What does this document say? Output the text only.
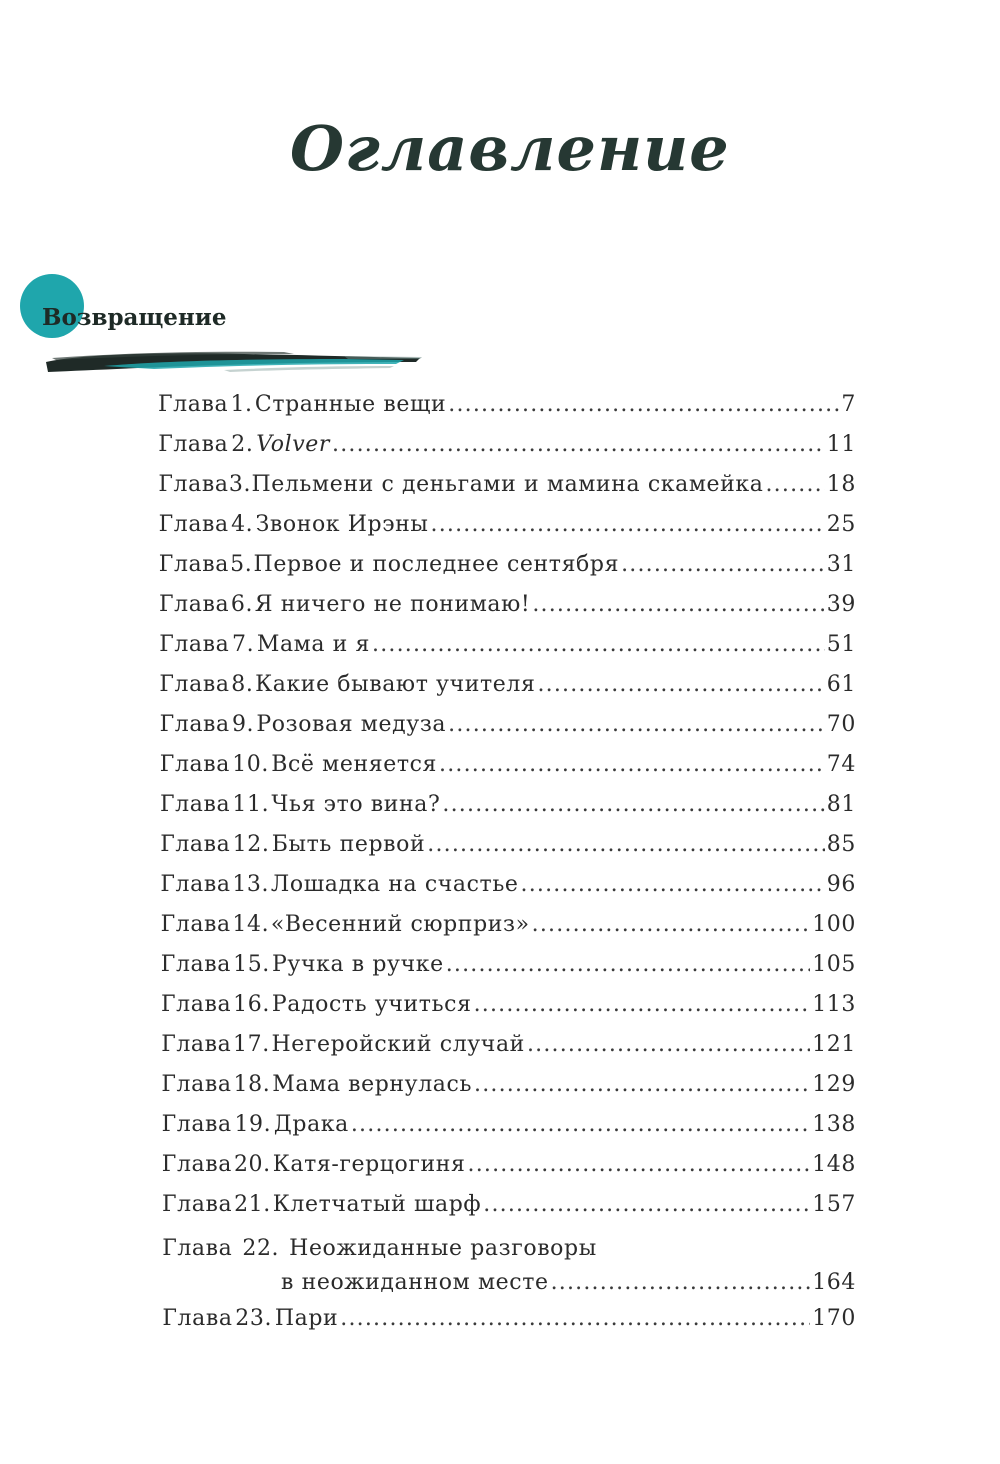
Оглавление
Возвращение
Глава 1. Странные вещи .....	7
Глава 2. Volver .....	11
Глава 3. Пельмени с деньгами и мамина скамейка .....	18
Глава 4. Звонок Ирэны .....	25
Глава 5. Первое и последнее сентября .....	31
Глава 6. Я ничего не понимаю! .....	39
Глава 7. Мама и я .....	51
Глава 8. Какие бывают учителя .....	61
Глава 9. Розовая медуза .....	70
Глава 10. Всё меняется .....	74
Глава 11. Чья это вина? .....	81
Глава 12. Быть первой .....	85
Глава 13. Лошадка на счастье .....	96
Глава 14. «Весенний сюрприз» .....	100
Глава 15. Ручка в ручке .....	105
Глава 16. Радость учиться .....	113
Глава 17. Негеройский случай .....	121
Глава 18. Мама вернулась .....	129
Глава 19. Драка .....	138
Глава 20. Катя-герцогиня .....	148
Глава 21. Клетчатый шарф .....	157
Глава 22. Неожиданные разговоры
в неожиданном месте .....	164
Глава 23. Пари .....	170
